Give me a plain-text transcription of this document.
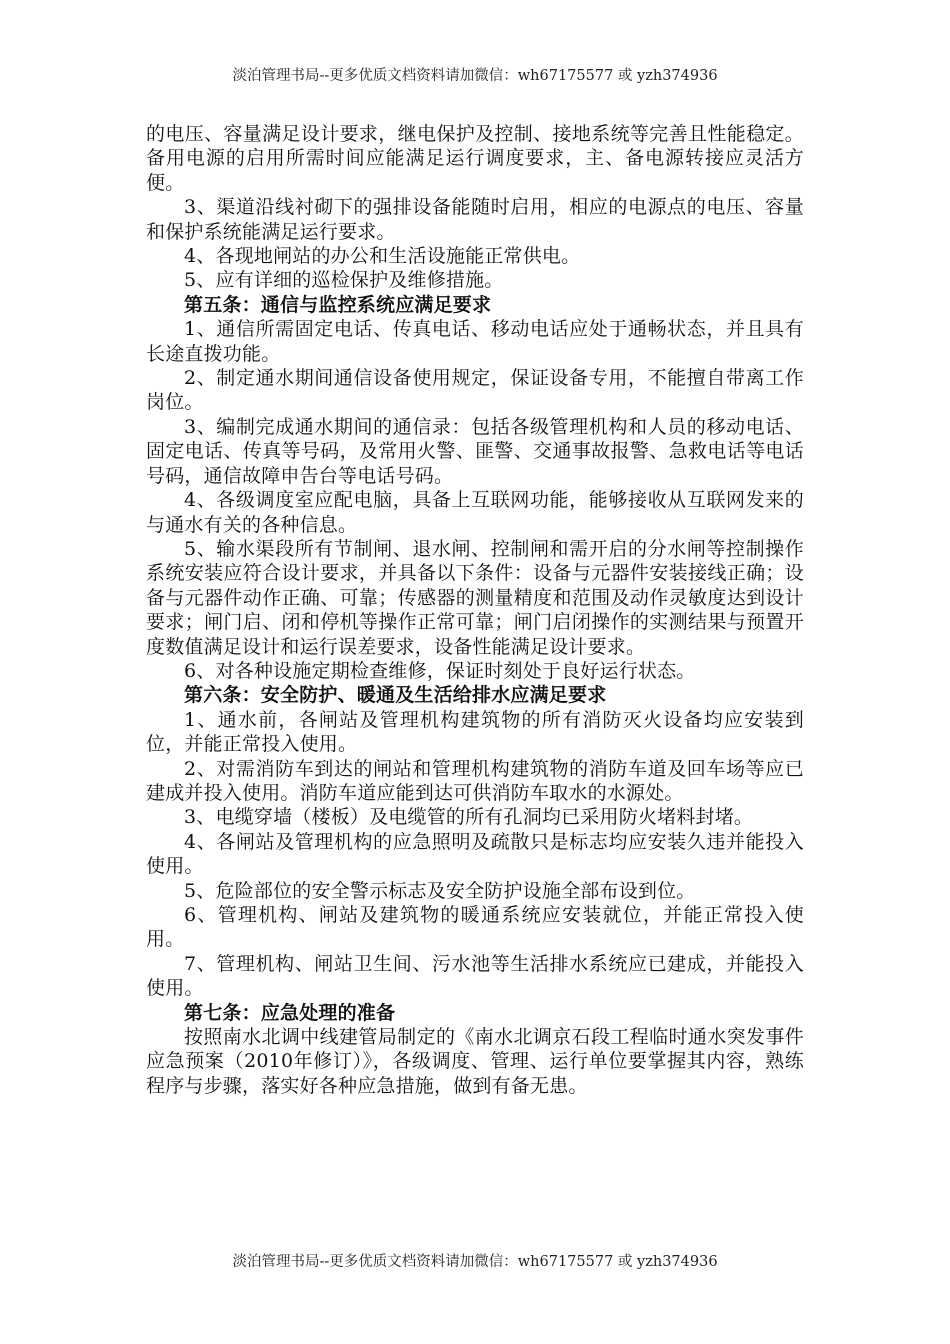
淡泊管理书局--更多优质文档资料请加微信：wh67175577 或 yzh374936

的电压、容量满足设计要求，继电保护及控制、接地系统等完善且性能稳定。备用电源的启用所需时间应能满足运行调度要求，主、备电源转接应灵活方便。

3、渠道沿线衬砌下的强排设备能随时启用，相应的电源点的电压、容量和保护系统能满足运行要求。

4、各现地闸站的办公和生活设施能正常供电。

5、应有详细的巡检保护及维修措施。

第五条：通信与监控系统应满足要求

1、通信所需固定电话、传真电话、移动电话应处于通畅状态，并且具有长途直拨功能。

2、制定通水期间通信设备使用规定，保证设备专用，不能擅自带离工作岗位。

3、编制完成通水期间的通信录：包括各级管理机构和人员的移动电话、固定电话、传真等号码，及常用火警、匪警、交通事故报警、急救电话等电话号码，通信故障申告台等电话号码。

4、各级调度室应配电脑，具备上互联网功能，能够接收从互联网发来的与通水有关的各种信息。

5、输水渠段所有节制闸、退水闸、控制闸和需开启的分水闸等控制操作系统安装应符合设计要求，并具备以下条件：设备与元器件安装接线正确；设备与元器件动作正确、可靠；传感器的测量精度和范围及动作灵敏度达到设计要求；闸门启、闭和停机等操作正常可靠；闸门启闭操作的实测结果与预置开度数值满足设计和运行误差要求，设备性能满足设计要求。

6、对各种设施定期检查维修，保证时刻处于良好运行状态。

第六条：安全防护、暖通及生活给排水应满足要求

1、通水前，各闸站及管理机构建筑物的所有消防灭火设备均应安装到位，并能正常投入使用。

2、对需消防车到达的闸站和管理机构建筑物的消防车道及回车场等应已建成并投入使用。消防车道应能到达可供消防车取水的水源处。

3、电缆穿墙（楼板）及电缆管的所有孔洞均已采用防火堵料封堵。

4、各闸站及管理机构的应急照明及疏散只是标志均应安装久违并能投入使用。

5、危险部位的安全警示标志及安全防护设施全部布设到位。

6、管理机构、闸站及建筑物的暖通系统应安装就位，并能正常投入使用。

7、管理机构、闸站卫生间、污水池等生活排水系统应已建成，并能投入使用。

第七条：应急处理的准备

按照南水北调中线建管局制定的《南水北调京石段工程临时通水突发事件应急预案（2010年修订）》，各级调度、管理、运行单位要掌握其内容，熟练程序与步骤，落实好各种应急措施，做到有备无患。

淡泊管理书局--更多优质文档资料请加微信：wh67175577 或 yzh374936
